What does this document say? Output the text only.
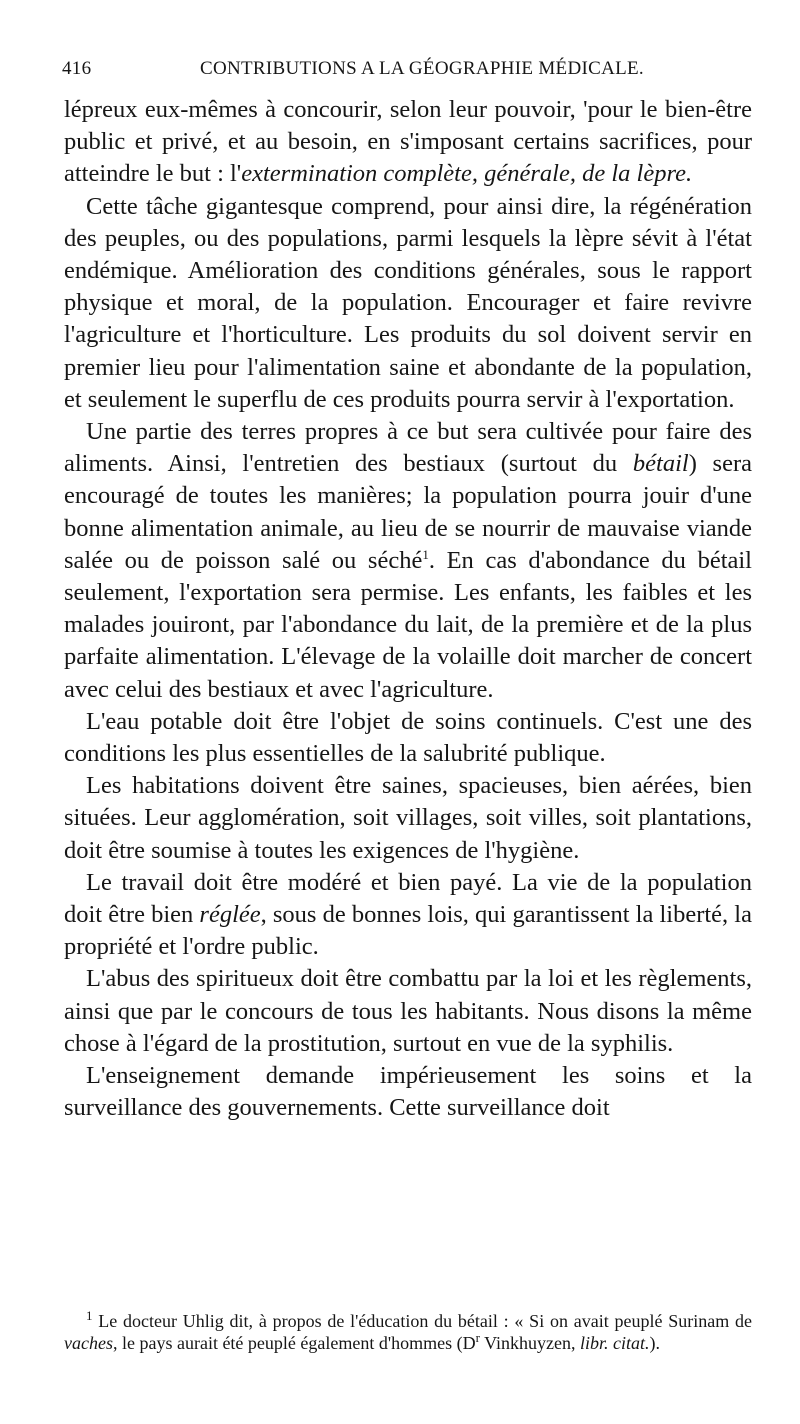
416	CONTRIBUTIONS A LA GÉOGRAPHIE MÉDICALE.

lépreux eux-mêmes à concourir, selon leur pouvoir, 'pour le bien-être public et privé, et au besoin, en s'imposant certains sacrifices, pour atteindre le but : l'extermination complète, générale, de la lèpre.

Cette tâche gigantesque comprend, pour ainsi dire, la régénération des peuples, ou des populations, parmi lesquels la lèpre sévit à l'état endémique. Amélioration des conditions générales, sous le rapport physique et moral, de la population. Encourager et faire revivre l'agriculture et l'horticulture. Les produits du sol doivent servir en premier lieu pour l'alimentation saine et abondante de la population, et seulement le superflu de ces produits pourra servir à l'exportation.

Une partie des terres propres à ce but sera cultivée pour faire des aliments. Ainsi, l'entretien des bestiaux (surtout du bétail) sera encouragé de toutes les manières; la population pourra jouir d'une bonne alimentation animale, au lieu de se nourrir de mauvaise viande salée ou de poisson salé ou séché$^1$. En cas d'abondance du bétail seulement, l'exportation sera permise. Les enfants, les faibles et les malades jouiront, par l'abondance du lait, de la première et de la plus parfaite alimentation. L'élevage de la volaille doit marcher de concert avec celui des bestiaux et avec l'agriculture.

L'eau potable doit être l'objet de soins continuels. C'est une des conditions les plus essentielles de la salubrité publique.

Les habitations doivent être saines, spacieuses, bien aérées, bien situées. Leur agglomération, soit villages, soit villes, soit plantations, doit être soumise à toutes les exigences de l'hygiène.

Le travail doit être modéré et bien payé. La vie de la population doit être bien réglée, sous de bonnes lois, qui garantissent la liberté, la propriété et l'ordre public.

L'abus des spiritueux doit être combattu par la loi et les règlements, ainsi que par le concours de tous les habitants. Nous disons la même chose à l'égard de la prostitution, surtout en vue de la syphilis.

L'enseignement demande impérieusement les soins et la surveillance des gouvernements. Cette surveillance doit

$^1$ Le docteur Uhlig dit, à propos de l'éducation du bétail : « Si on avait peuplé Surinam de vaches, le pays aurait été peuplé également d'hommes (D$^r$ Vinkhuyzen, libr. citat.).
